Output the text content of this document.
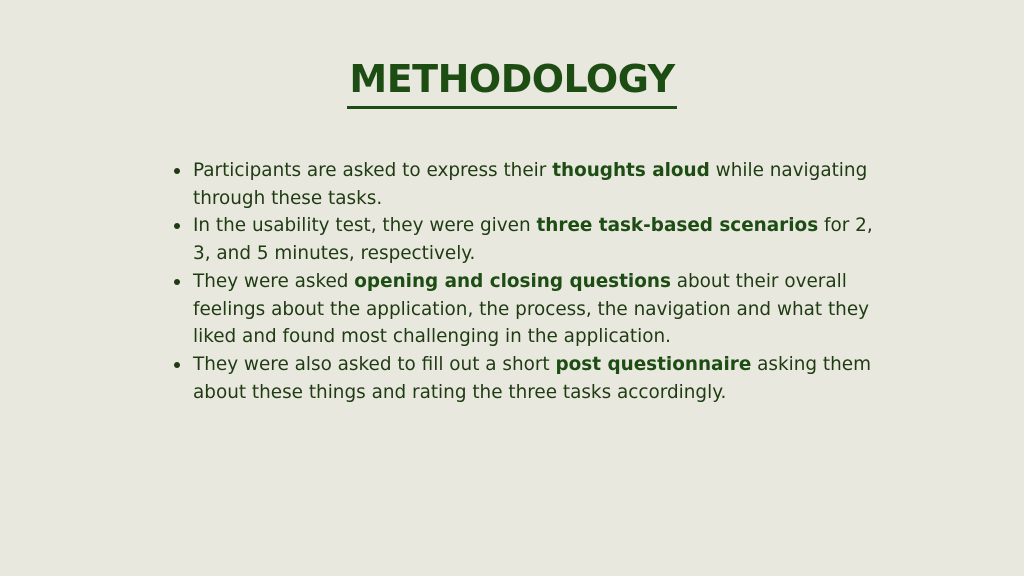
METHODOLOGY
Participants are asked to express their thoughts aloud while navigating through these tasks.
In the usability test, they were given three task-based scenarios for 2, 3, and 5 minutes, respectively.
They were asked opening and closing questions about their overall feelings about the application, the process, the navigation and what they liked and found most challenging in the application.
They were also asked to fill out a short post questionnaire asking them about these things and rating the three tasks accordingly.
